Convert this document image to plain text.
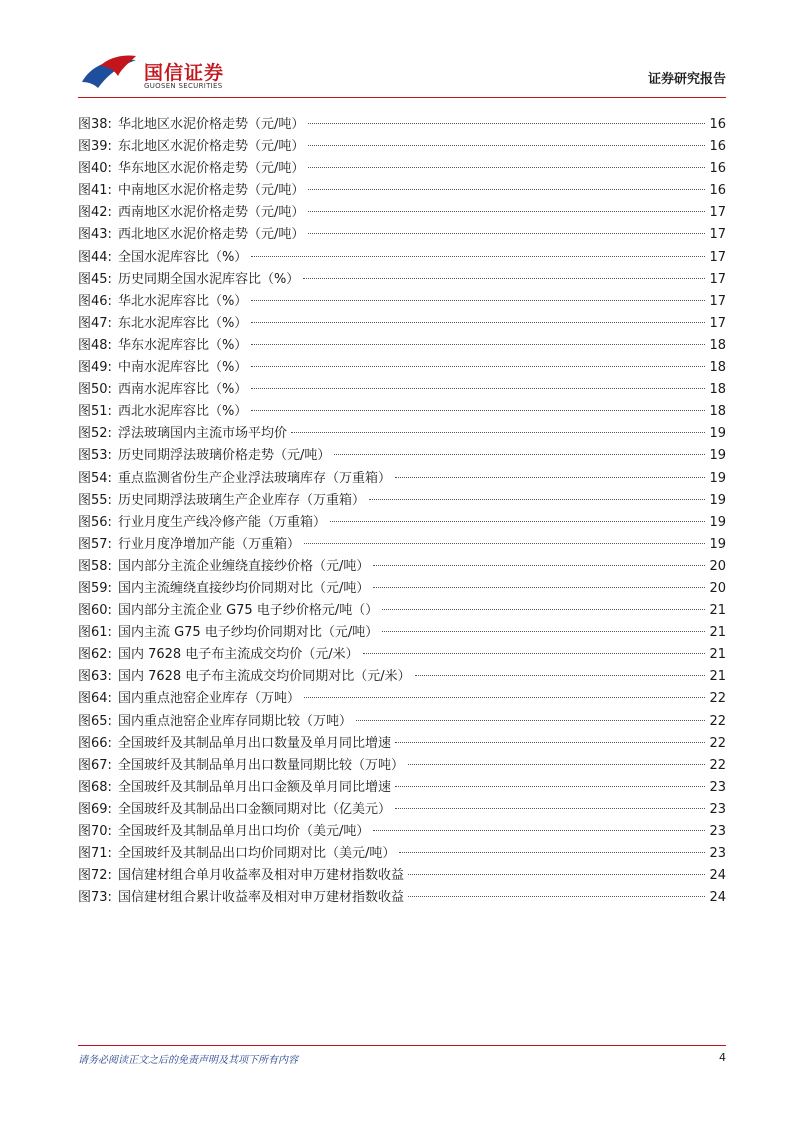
国信证券
GUOSEN SECURITIES	证券研究报告
图38: 华北地区水泥价格走势（元/吨）	16
图39: 东北地区水泥价格走势（元/吨）	16
图40: 华东地区水泥价格走势（元/吨）	16
图41: 中南地区水泥价格走势（元/吨）	16
图42: 西南地区水泥价格走势（元/吨）	17
图43: 西北地区水泥价格走势（元/吨）	17
图44: 全国水泥库容比（%）	17
图45: 历史同期全国水泥库容比（%）	17
图46: 华北水泥库容比（%）	17
图47: 东北水泥库容比（%）	17
图48: 华东水泥库容比（%）	18
图49: 中南水泥库容比（%）	18
图50: 西南水泥库容比（%）	18
图51: 西北水泥库容比（%）	18
图52: 浮法玻璃国内主流市场平均价	19
图53: 历史同期浮法玻璃价格走势（元/吨）	19
图54: 重点监测省份生产企业浮法玻璃库存（万重箱）	19
图55: 历史同期浮法玻璃生产企业库存（万重箱）	19
图56: 行业月度生产线冷修产能（万重箱）	19
图57: 行业月度净增加产能（万重箱）	19
图58: 国内部分主流企业缠绕直接纱价格（元/吨）	20
图59: 国内主流缠绕直接纱均价同期对比（元/吨）	20
图60: 国内部分主流企业 G75 电子纱价格元/吨（）	21
图61: 国内主流 G75 电子纱均价同期对比（元/吨）	21
图62: 国内 7628 电子布主流成交均价（元/米）	21
图63: 国内 7628 电子布主流成交均价同期对比（元/米）	21
图64: 国内重点池窑企业库存（万吨）	22
图65: 国内重点池窑企业库存同期比较（万吨）	22
图66: 全国玻纤及其制品单月出口数量及单月同比增速	22
图67: 全国玻纤及其制品单月出口数量同期比较（万吨）	22
图68: 全国玻纤及其制品单月出口金额及单月同比增速	23
图69: 全国玻纤及其制品出口金额同期对比（亿美元）	23
图70: 全国玻纤及其制品单月出口均价（美元/吨）	23
图71: 全国玻纤及其制品出口均价同期对比（美元/吨）	23
图72: 国信建材组合单月收益率及相对申万建材指数收益	24
图73: 国信建材组合累计收益率及相对申万建材指数收益	24
请务必阅读正文之后的免责声明及其项下所有内容	4
